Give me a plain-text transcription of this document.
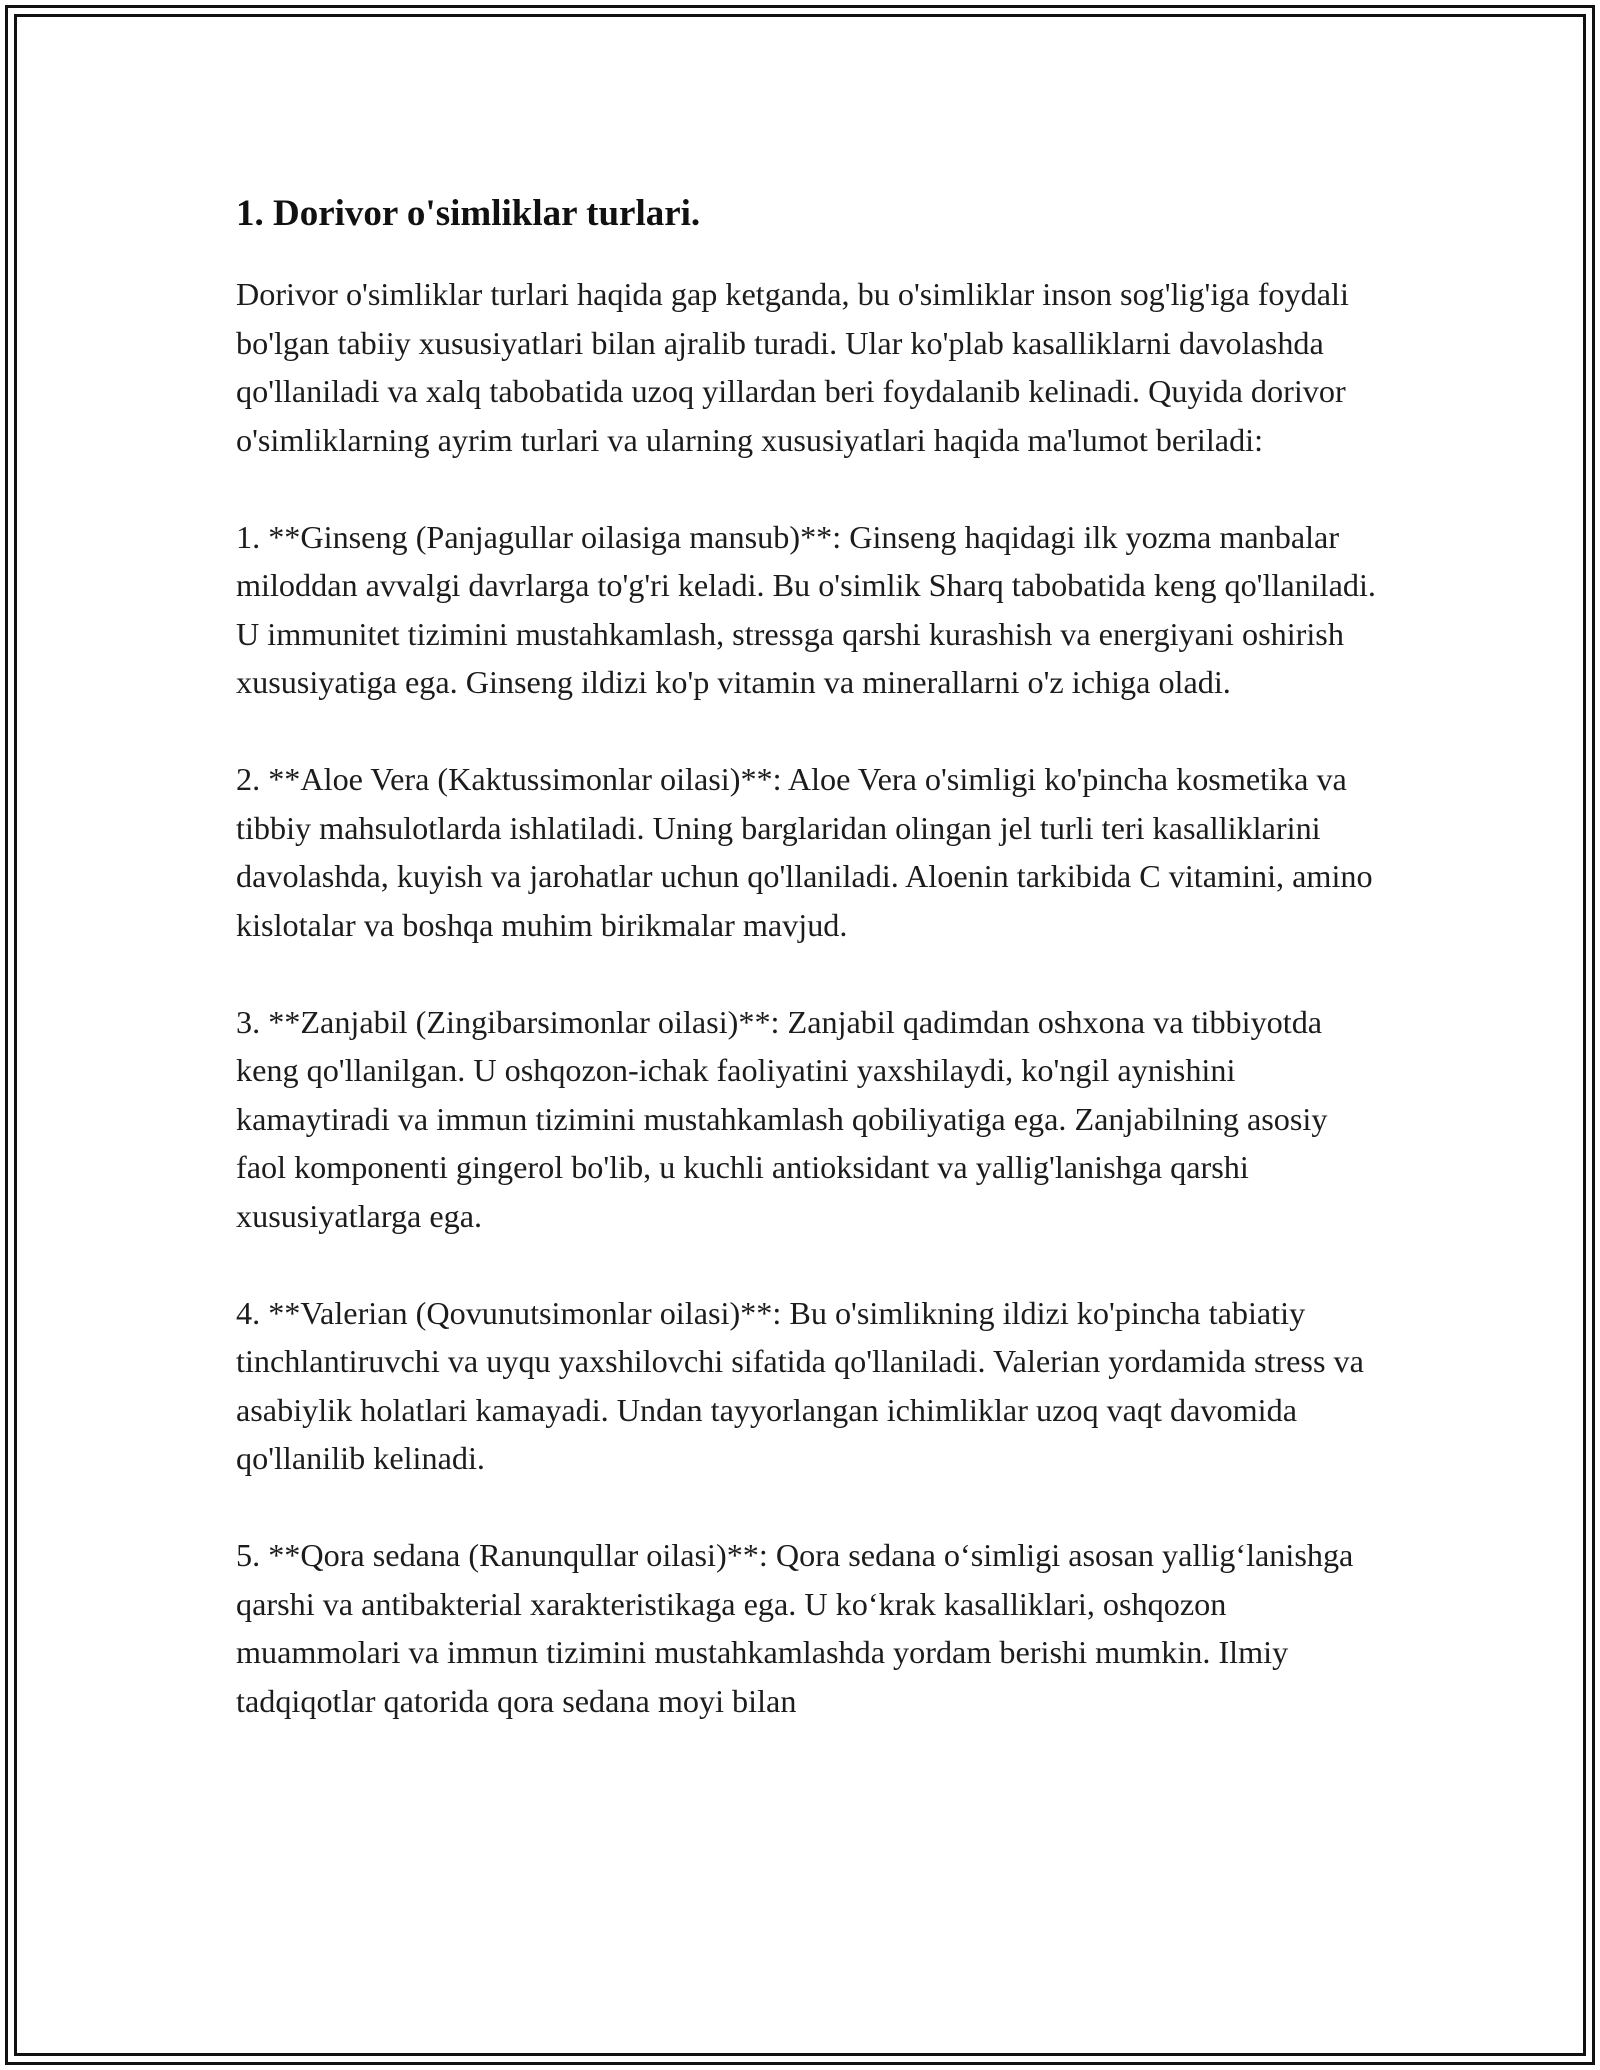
1. Dorivor o'simliklar turlari.

Dorivor o'simliklar turlari haqida gap ketganda, bu o'simliklar inson sog'lig'iga foydali bo'lgan tabiiy xususiyatlari bilan ajralib turadi. Ular ko'plab kasalliklarni davolashda qo'llaniladi va xalq tabobatida uzoq yillardan beri foydalanib kelinadi. Quyida dorivor o'simliklarning ayrim turlari va ularning xususiyatlari haqida ma'lumot beriladi:

1. **Ginseng (Panjagullar oilasiga mansub)**: Ginseng haqidagi ilk yozma manbalar miloddan avvalgi davrlarga to'g'ri keladi. Bu o'simlik Sharq tabobatida keng qo'llaniladi. U immunitet tizimini mustahkamlash, stressga qarshi kurashish va energiyani oshirish xususiyatiga ega. Ginseng ildizi ko'p vitamin va minerallarni o'z ichiga oladi.

2. **Aloe Vera (Kaktussimonlar oilasi)**: Aloe Vera o'simligi ko'pincha kosmetika va tibbiy mahsulotlarda ishlatiladi. Uning barglaridan olingan jel turli teri kasalliklarini davolashda, kuyish va jarohatlar uchun qo'llaniladi. Aloenin tarkibida C vitamini, amino kislotalar va boshqa muhim birikmalar mavjud.

3. **Zanjabil (Zingibarsimonlar oilasi)**: Zanjabil qadimdan oshxona va tibbiyotda keng qo'llanilgan. U oshqozon-ichak faoliyatini yaxshilaydi, ko'ngil aynishini kamaytiradi va immun tizimini mustahkamlash qobiliyatiga ega. Zanjabilning asosiy faol komponenti gingerol bo'lib, u kuchli antioksidant va yallig'lanishga qarshi xususiyatlarga ega.

4. **Valerian (Qovunutsimonlar oilasi)**: Bu o'simlikning ildizi ko'pincha tabiatiy tinchlantiruvchi va uyqu yaxshilovchi sifatida qo'llaniladi. Valerian yordamida stress va asabiylik holatlari kamayadi. Undan tayyorlangan ichimliklar uzoq vaqt davomida qo'llanilib kelinadi.

5. **Qora sedana (Ranunqullar oilasi)**: Qora sedana o‘simligi asosan yallig‘lanishga qarshi va antibakterial xarakteristikaga ega. U ko‘krak kasalliklari, oshqozon muammolari va immun tizimini mustahkamlashda yordam berishi mumkin. Ilmiy tadqiqotlar qatorida qora sedana moyi bilan
